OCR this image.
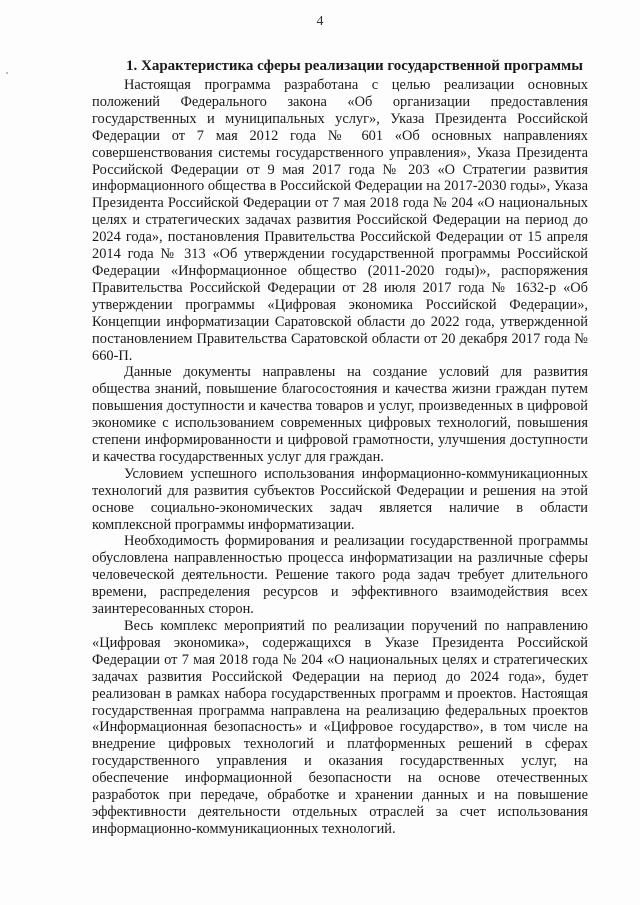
4
1. Характеристика сферы реализации государственной программы

Настоящая программа разработана с целью реализации основных положений Федерального закона «Об организации предоставления государственных и муниципальных услуг», Указа Президента Российской Федерации от 7 мая 2012 года № 601 «Об основных направлениях совершенствования системы государственного управления», Указа Президента Российской Федерации от 9 мая 2017 года № 203 «О Стратегии развития информационного общества в Российской Федерации на 2017-2030 годы», Указа Президента Российской Федерации от 7 мая 2018 года № 204 «О национальных целях и стратегических задачах развития Российской Федерации на период до 2024 года», постановления Правительства Российской Федерации от 15 апреля 2014 года № 313 «Об утверждении государственной программы Российской Федерации «Информационное общество (2011-2020 годы)», распоряжения Правительства Российской Федерации от 28 июля 2017 года № 1632-р «Об утверждении программы «Цифровая экономика Российской Федерации», Концепции информатизации Саратовской области до 2022 года, утвержденной постановлением Правительства Саратовской области от 20 декабря 2017 года № 660-П.

Данные документы направлены на создание условий для развития общества знаний, повышение благосостояния и качества жизни граждан путем повышения доступности и качества товаров и услуг, произведенных в цифровой экономике с использованием современных цифровых технологий, повышения степени информированности и цифровой грамотности, улучшения доступности и качества государственных услуг для граждан.

Условием успешного использования информационно-коммуникационных технологий для развития субъектов Российской Федерации и решения на этой основе социально-экономических задач является наличие в области комплексной программы информатизации.

Необходимость формирования и реализации государственной программы обусловлена направленностью процесса информатизации на различные сферы человеческой деятельности. Решение такого рода задач требует длительного времени, распределения ресурсов и эффективного взаимодействия всех заинтересованных сторон.

Весь комплекс мероприятий по реализации поручений по направлению «Цифровая экономика», содержащихся в Указе Президента Российской Федерации от 7 мая 2018 года № 204 «О национальных целях и стратегических задачах развития Российской Федерации на период до 2024 года», будет реализован в рамках набора государственных программ и проектов. Настоящая государственная программа направлена на реализацию федеральных проектов «Информационная безопасность» и «Цифровое государство», в том числе на внедрение цифровых технологий и платформенных решений в сферах государственного управления и оказания государственных услуг, на обеспечение информационной безопасности на основе отечественных разработок при передаче, обработке и хранении данных и на повышение эффективности деятельности отдельных отраслей за счет использования информационно-коммуникационных технологий.
